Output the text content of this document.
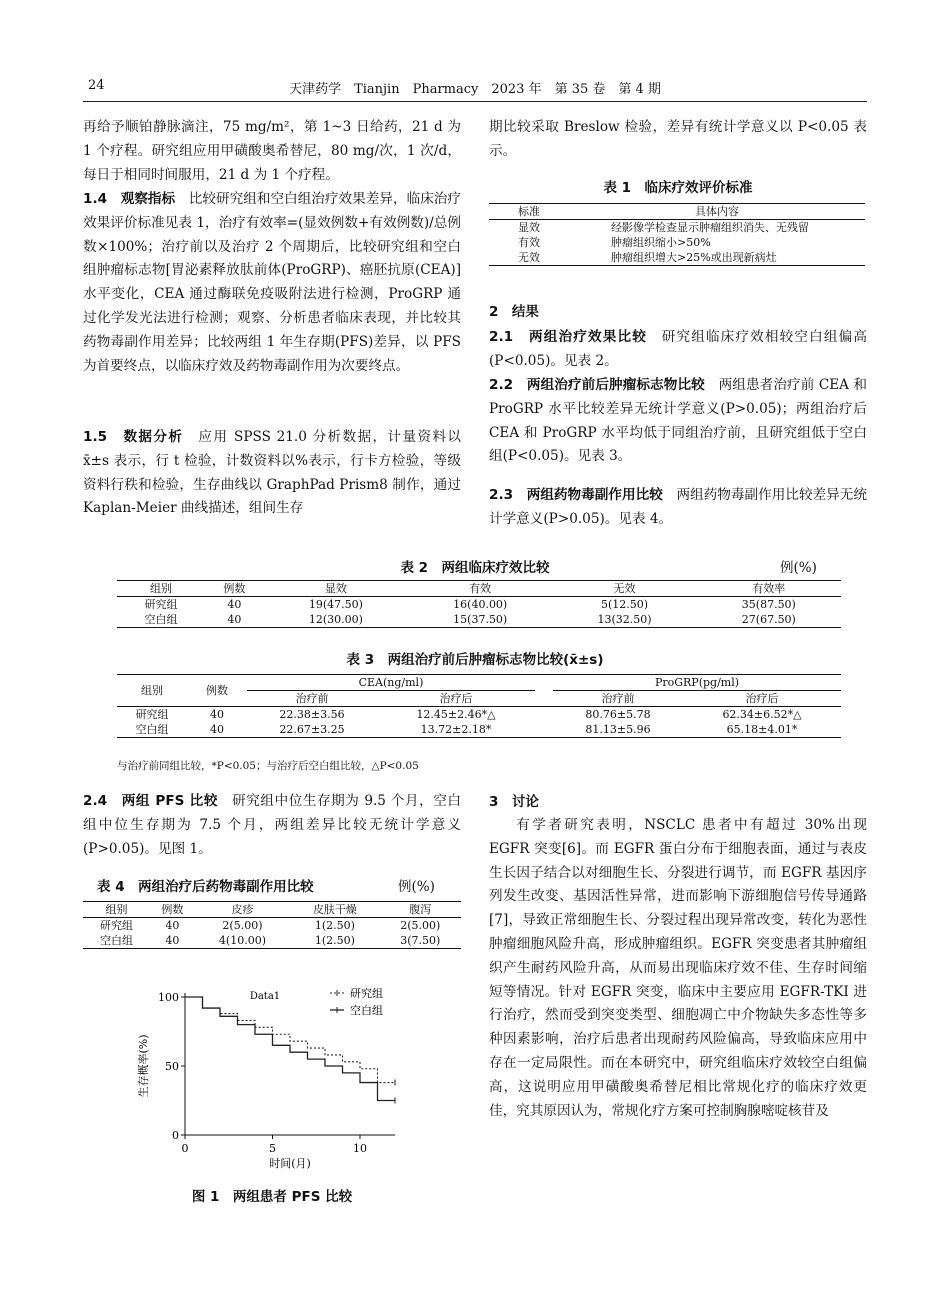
24	天津药学　Tianjin　Pharmacy　2023 年　第 35 卷　第 4 期

再给予顺铂静脉滴注，75 mg/m²，第 1~3 日给药，21 d 为 1 个疗程。研究组应用甲磺酸奥希替尼，80 mg/次，1 次/d，每日于相同时间服用，21 d 为 1 个疗程。

1.4　观察指标　 比较研究组和空白组治疗效果差异，临床治疗效果评价标准见表 1，治疗有效率=(显效例数+有效例数)/总例数×100%；治疗前以及治疗 2 个周期后，比较研究组和空白组肿瘤标志物[胃泌素释放肽前体(ProGRP)、癌胚抗原(CEA)]水平变化，CEA 通过酶联免疫吸附法进行检测，ProGRP 通过化学发光法进行检测；观察、分析患者临床表现，并比较其药物毒副作用差异；比较两组 1 年生存期(PFS)差异，以 PFS 为首要终点，以临床疗效及药物毒副作用为次要终点。

1.5　数据分析　 应用 SPSS 21.0 分析数据，计量资料以 x̄±s 表示，行 t 检验，计数资料以%表示，行卡方检验，等级资料行秩和检验，生存曲线以 GraphPad Prism8 制作，通过 Kaplan-Meier 曲线描述，组间生存

期比较采取 Breslow 检验，差异有统计学意义以 P<0.05 表示。

表 1　临床疗效评价标准
标准	具体内容
显效	经影像学检查显示肿瘤组织消失、无残留
有效	肿瘤组织缩小>50%
无效	肿瘤组织增大>25%或出现新病灶
2　结果

2.1　两组治疗效果比较　 研究组临床疗效相较空白组偏高(P<0.05)。见表 2。

2.2　两组治疗前后肿瘤标志物比较　 两组患者治疗前 CEA 和 ProGRP 水平比较差异无统计学意义(P>0.05)；两组治疗后 CEA 和 ProGRP 水平均低于同组治疗前，且研究组低于空白组(P<0.05)。见表 3。

2.3　两组药物毒副作用比较　 两组药物毒副作用比较差异无统计学意义(P>0.05)。见表 4。

表 2　两组临床疗效比较	例(%)
组别	例数	显效	有效	无效	有效率
研究组	40	19(47.50)	16(40.00)	5(12.50)	35(87.50)
空白组	40	12(30.00)	15(37.50)	13(32.50)	27(67.50)
表 3　两组治疗前后肿瘤标志物比较(x̄±s)
组别	例数	CEA(ng/ml)			ProGRP(pg/ml)	
		治疗前	治疗后		治疗前	治疗后
研究组	40	22.38±3.56	12.45±2.46*△		80.76±5.78	62.34±6.52*△
空白组	40	22.67±3.25	13.72±2.18*		81.13±5.96	65.18±4.01*
与治疗前同组比较，*P<0.05；与治疗后空白组比较，△P<0.05

2.4　两组 PFS 比较　 研究组中位生存期为 9.5 个月，空白组中位生存期为 7.5 个月，两组差异比较无统计学意义(P>0.05)。见图 1。

表 4　两组治疗后药物毒副作用比较	例(%)
组别	例数	皮疹	皮肤干燥	腹泻
研究组	40	2(5.00)	1(2.50)	2(5.00)
空白组	40	4(10.00)	1(2.50)	3(7.50)
0
50
100
0	5	10
时间(月)
生存概率(%)
Data1	研究组
空白组
图 1　两组患者 PFS 比较
3　讨论

有学者研究表明，NSCLC 患者中有超过 30%出现 EGFR 突变[6]。而 EGFR 蛋白分布于细胞表面，通过与表皮生长因子结合以对细胞生长、分裂进行调节，而 EGFR 基因序列发生改变、基因活性异常，进而影响下游细胞信号传导通路[7]，导致正常细胞生长、分裂过程出现异常改变，转化为恶性肿瘤细胞风险升高，形成肿瘤组织。EGFR 突变患者其肿瘤组织产生耐药风险升高，从而易出现临床疗效不佳、生存时间缩短等情况。针对 EGFR 突变，临床中主要应用 EGFR-TKI 进行治疗，然而受到突变类型、细胞凋亡中介物缺失多态性等多种因素影响，治疗后患者出现耐药风险偏高，导致临床应用中存在一定局限性。而在本研究中，研究组临床疗效较空白组偏高，这说明应用甲磺酸奥希替尼相比常规化疗的临床疗效更佳，究其原因认为，常规化疗方案可控制胸腺嘧啶核苷及
